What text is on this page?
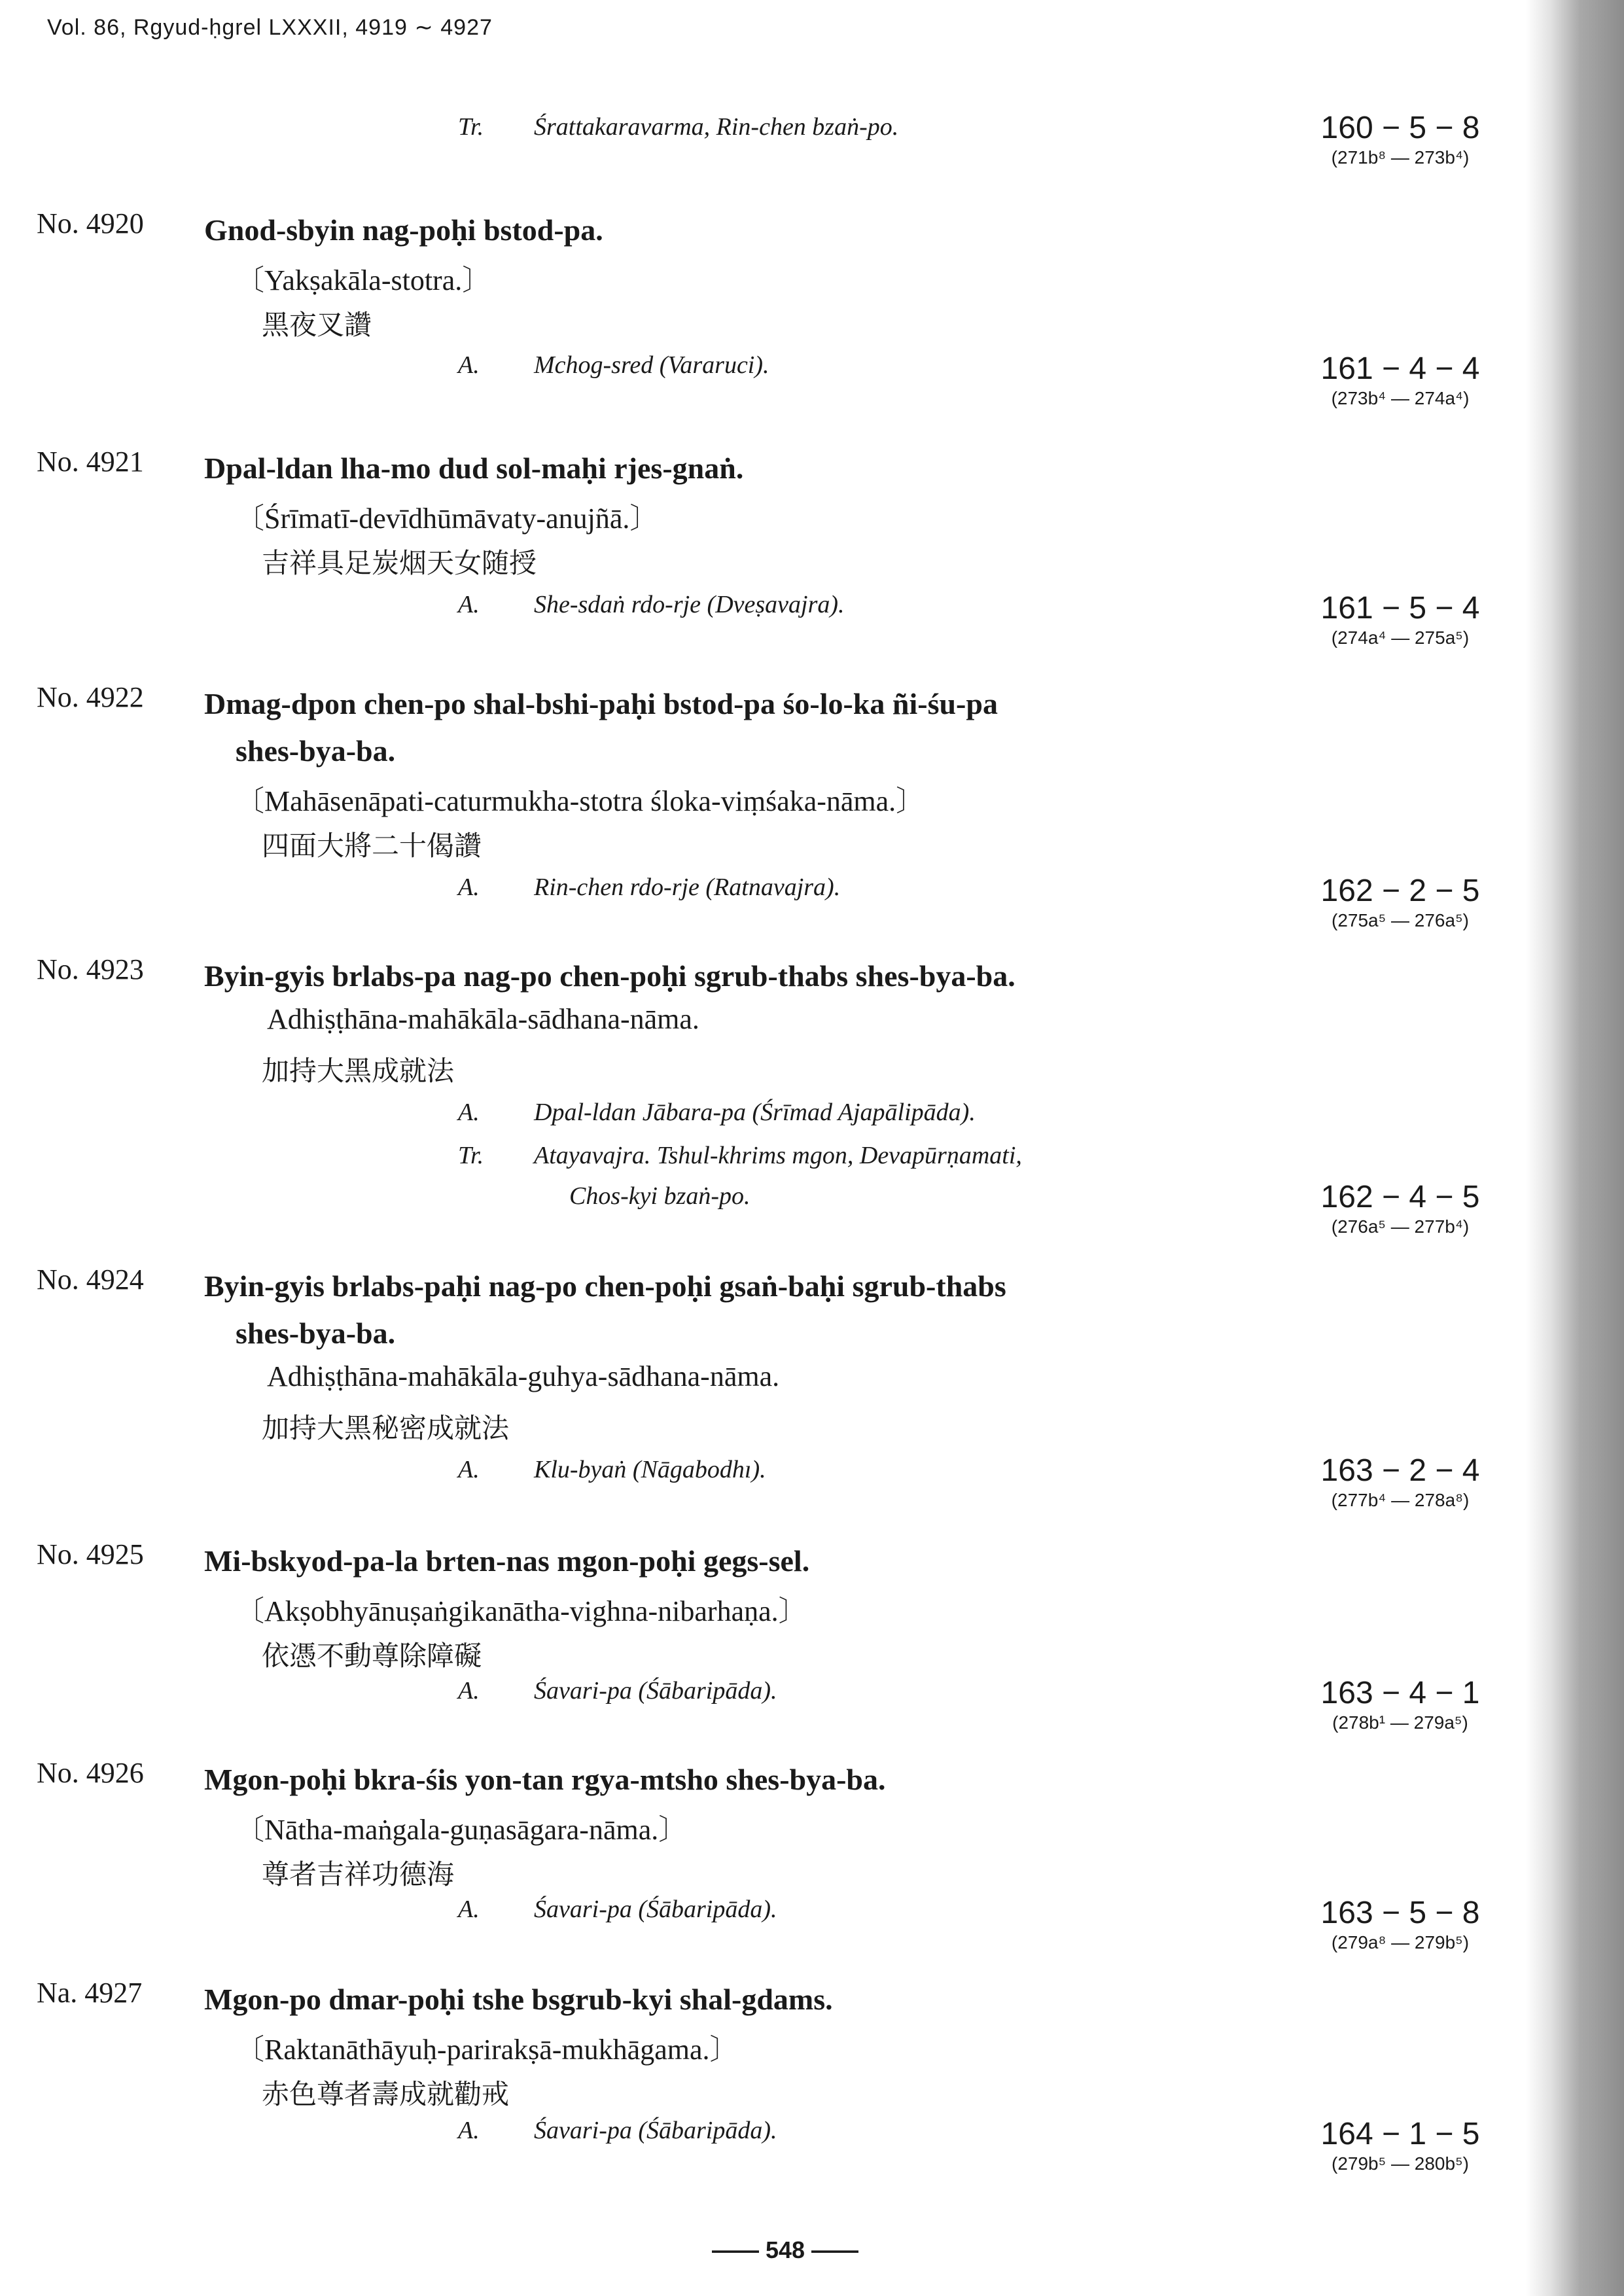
Vol. 86, Rgyud-ḥgrel LXXXII, 4919 ∼ 4927
Tr. Śrattakaravarma, Rin-chen bzaṅ-po.	160 − 5 − 8
(271b⁸ — 273b⁴)
No. 4920 Gnod-sbyin nag-poḥi bstod-pa.
〔Yakṣakāla-stotra.〕
黑夜叉讚
A. Mchog-sred (Vararuci).	161 − 4 − 4
(273b⁴ — 274a⁴)
No. 4921 Dpal-ldan lha-mo dud sol-maḥi rjes-gnaṅ.
〔Śrīmatī-devīdhūmāvaty-anujñā.〕
吉祥具足炭烟天女随授
A. She-sdaṅ rdo-rje (Dveṣavajra).	161 − 5 − 4
(274a⁴ — 275a⁵)
No. 4922 Dmag-dpon chen-po shal-bshi-paḥi bstod-pa śo-lo-ka ñi-śu-pa
shes-bya-ba.
〔Mahāsenāpati-caturmukha-stotra śloka-viṃśaka-nāma.〕
四面大將二十偈讚
A. Rin-chen rdo-rje (Ratnavajra).	162 − 2 − 5
(275a⁵ — 276a⁵)
No. 4923 Byin-gyis brlabs-pa nag-po chen-poḥi sgrub-thabs shes-bya-ba.
Adhiṣṭhāna-mahākāla-sādhana-nāma.
加持大黑成就法
A. Dpal-ldan Jābara-pa (Śrīmad Ajapālipāda).
Tr. Atayavajra. Tshul-khrims mgon, Devapūrṇamati,
Chos-kyi bzaṅ-po.	162 − 4 − 5
(276a⁵ — 277b⁴)
No. 4924 Byin-gyis brlabs-paḥi nag-po chen-poḥi gsaṅ-baḥi sgrub-thabs
shes-bya-ba.
Adhiṣṭhāna-mahākāla-guhya-sādhana-nāma.
加持大黑秘密成就法
A. Klu-byaṅ (Nāgabodhı).	163 − 2 − 4
(277b⁴ — 278a⁸)
No. 4925 Mi-bskyod-pa-la brten-nas mgon-poḥi gegs-sel.
〔Akṣobhyānuṣaṅgikanātha-vighna-nibarhaṇa.〕
依憑不動尊除障礙
A. Śavari-pa (Śābaripāda).	163 − 4 − 1
(278b¹ — 279a⁵)
No. 4926 Mgon-poḥi bkra-śis yon-tan rgya-mtsho shes-bya-ba.
〔Nātha-maṅgala-guṇasāgara-nāma.〕
尊者吉祥功德海
A. Śavari-pa (Śābaripāda).	163 − 5 − 8
(279a⁸ — 279b⁵)
Na. 4927 Mgon-po dmar-poḥi tshe bsgrub-kyi shal-gdams.
〔Raktanāthāyuḥ-parirakṣā-mukhāgama.〕
赤色尊者壽成就勸戒
A. Śavari-pa (Śābaripāda).	164 − 1 − 5
(279b⁵ — 280b⁵)
—— 548 ——
